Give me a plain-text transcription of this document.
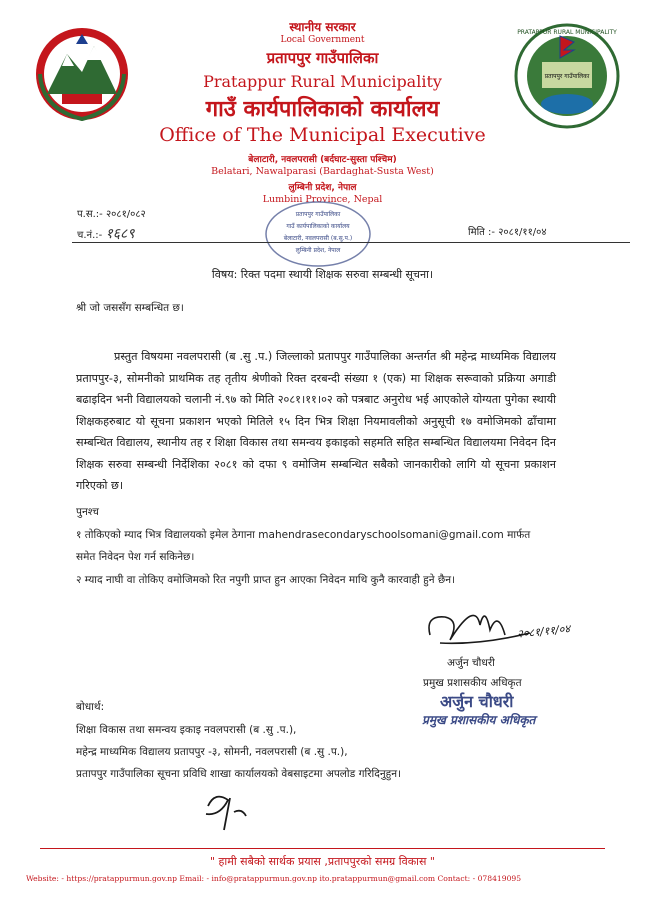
PRATAPPUR RURAL MUNICIPALITY
प्रतापपुर गाउँपालिका
स्थानीय सरकार
Local Government
प्रतापपुर गाउँपालिका
Pratappur Rural Municipality
गाउँ कार्यपालिकाको कार्यालय
Office of The Municipal Executive
बेलाटारी, नवलपरासी (बर्दघाट-सुस्ता पश्चिम)
Belatari, Nawalparasi (Bardaghat-Susta West)
लुम्बिनी प्रदेश, नेपाल
Lumbini Province, Nepal
प.स.:- २०८१/०८२
च.नं.:- १६८९	मिति :- २०८१/११/०४
प्रतापपुर गाउँपालिका
गाउँ कार्यपालिकाको कार्यालय
बेलाटारी, नवलपरासी (ब.सु.प.)
लुम्बिनी प्रदेश, नेपाल
विषय: रिक्त पदमा स्थायी शिक्षक सरुवा सम्बन्धी सूचना।
श्री जो जससँग सम्बन्धित छ।
प्रस्तुत विषयमा नवलपरासी (ब .सु .प.) जिल्लाको प्रतापपुर गाउँपालिका अन्तर्गत श्री महेन्द्र माध्यमिक विद्यालय प्रतापपुर-३, सोमनीको प्राथमिक तह तृतीय श्रेणीको रिक्त दरबन्दी संख्या १ (एक) मा शिक्षक सरूवाको प्रक्रिया अगाडी बढाइदिन भनी विद्यालयको चलानी नं.९७ को मिति २०८१।११।०२ को पत्रबाट अनुरोध भई आएकोले योग्यता पुगेका स्थायी शिक्षकहरुबाट यो सूचना प्रकाशन भएको मितिले १५ दिन भित्र शिक्षा नियमावलीको अनुसूची १७ वमोजिमको ढाँचामा सम्बन्धित विद्यालय, स्थानीय तह र शिक्षा विकास तथा समन्वय इकाइको सहमति सहित सम्बन्धित विद्यालयमा निवेदन दिन शिक्षक सरुवा सम्बन्धी निर्देशिका २०८१ को दफा ९ वमोजिम सम्बन्धित सबैको जानकारीको लागि यो सूचना प्रकाशन गरिएको छ।
पुनश्च
१ तोकिएको म्याद भित्र विद्यालयको इमेल ठेगाना mahendrasecondaryschoolsomani@gmail.com मार्फत
समेत निवेदन पेश गर्न सकिनेछ।
२ म्याद नाघी वा तोकिए वमोजिमको रित नपुगी प्राप्त हुन आएका निवेदन माथि कुनै कारवाही हुने छैन।
२०८१/११/०४
अर्जुन चौधरी
प्रमुख प्रशासकीय अधिकृत
अर्जुन चौधरी
प्रमुख प्रशासकीय अधिकृत
बोधार्थ:
शिक्षा विकास तथा समन्वय इकाइ नवलपरासी (ब .सु .प.),
महेन्द्र माध्यमिक विद्यालय प्रतापपुर -३, सोमनी, नवलपरासी (ब .सु .प.),
प्रतापपुर गाउँपालिका सूचना प्रविधि शाखा कार्यालयको वेबसाइटमा अपलोड गरिदिनुहुन।
" हामी सबैको सार्थक प्रयास ,प्रतापपुरको समग्र विकास "
Website: - https://pratappurmun.gov.np Email: - info@pratappurmun.gov.np ito.pratappurmun@gmail.com Contact: - 078419095
